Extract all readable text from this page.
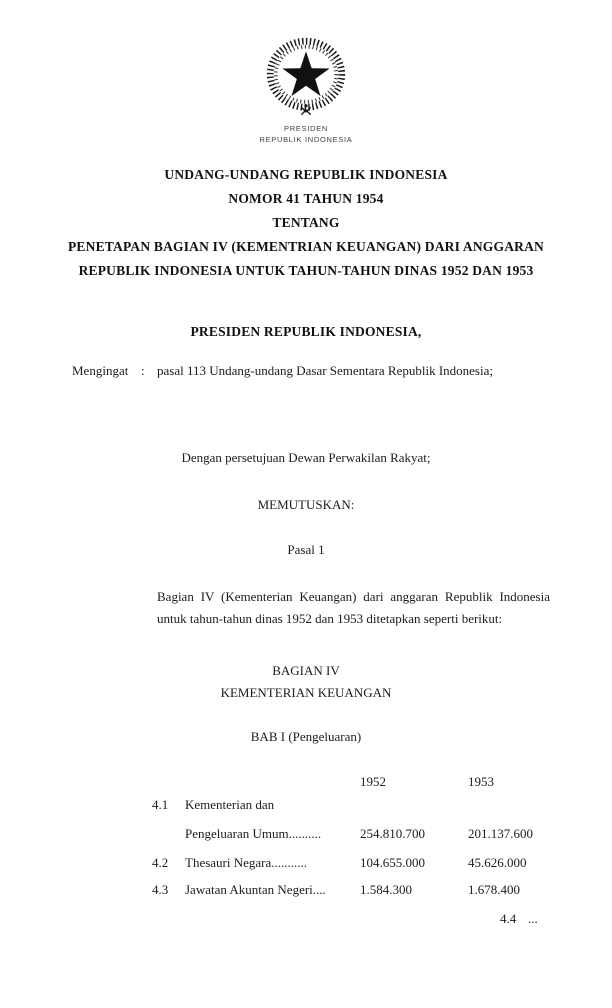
PRESIDEN
REPUBLIK INDONESIA
UNDANG-UNDANG REPUBLIK INDONESIA
NOMOR 41 TAHUN 1954
TENTANG
PENETAPAN BAGIAN IV (KEMENTRIAN KEUANGAN) DARI ANGGARAN
REPUBLIK INDONESIA UNTUK TAHUN-TAHUN DINAS 1952 DAN 1953
PRESIDEN REPUBLIK INDONESIA,
Mengingat : pasal 113 Undang-undang Dasar Sementara Republik Indonesia;
Dengan persetujuan Dewan Perwakilan Rakyat;
MEMUTUSKAN:
Pasal 1
Bagian IV (Kementerian Keuangan) dari anggaran Republik Indonesia untuk tahun-tahun dinas 1952 dan 1953 ditetapkan seperti berikut:
BAGIAN IV
KEMENTERIAN KEUANGAN
BAB I (Pengeluaran)
1952	1953
4.1 Kementerian dan
Pengeluaran Umum..........	254.810.700	201.137.600
4.2 Thesauri Negara...........	104.655.000	45.626.000
4.3 Jawatan Akuntan Negeri....	1.584.300	1.678.400
4.4 ...
